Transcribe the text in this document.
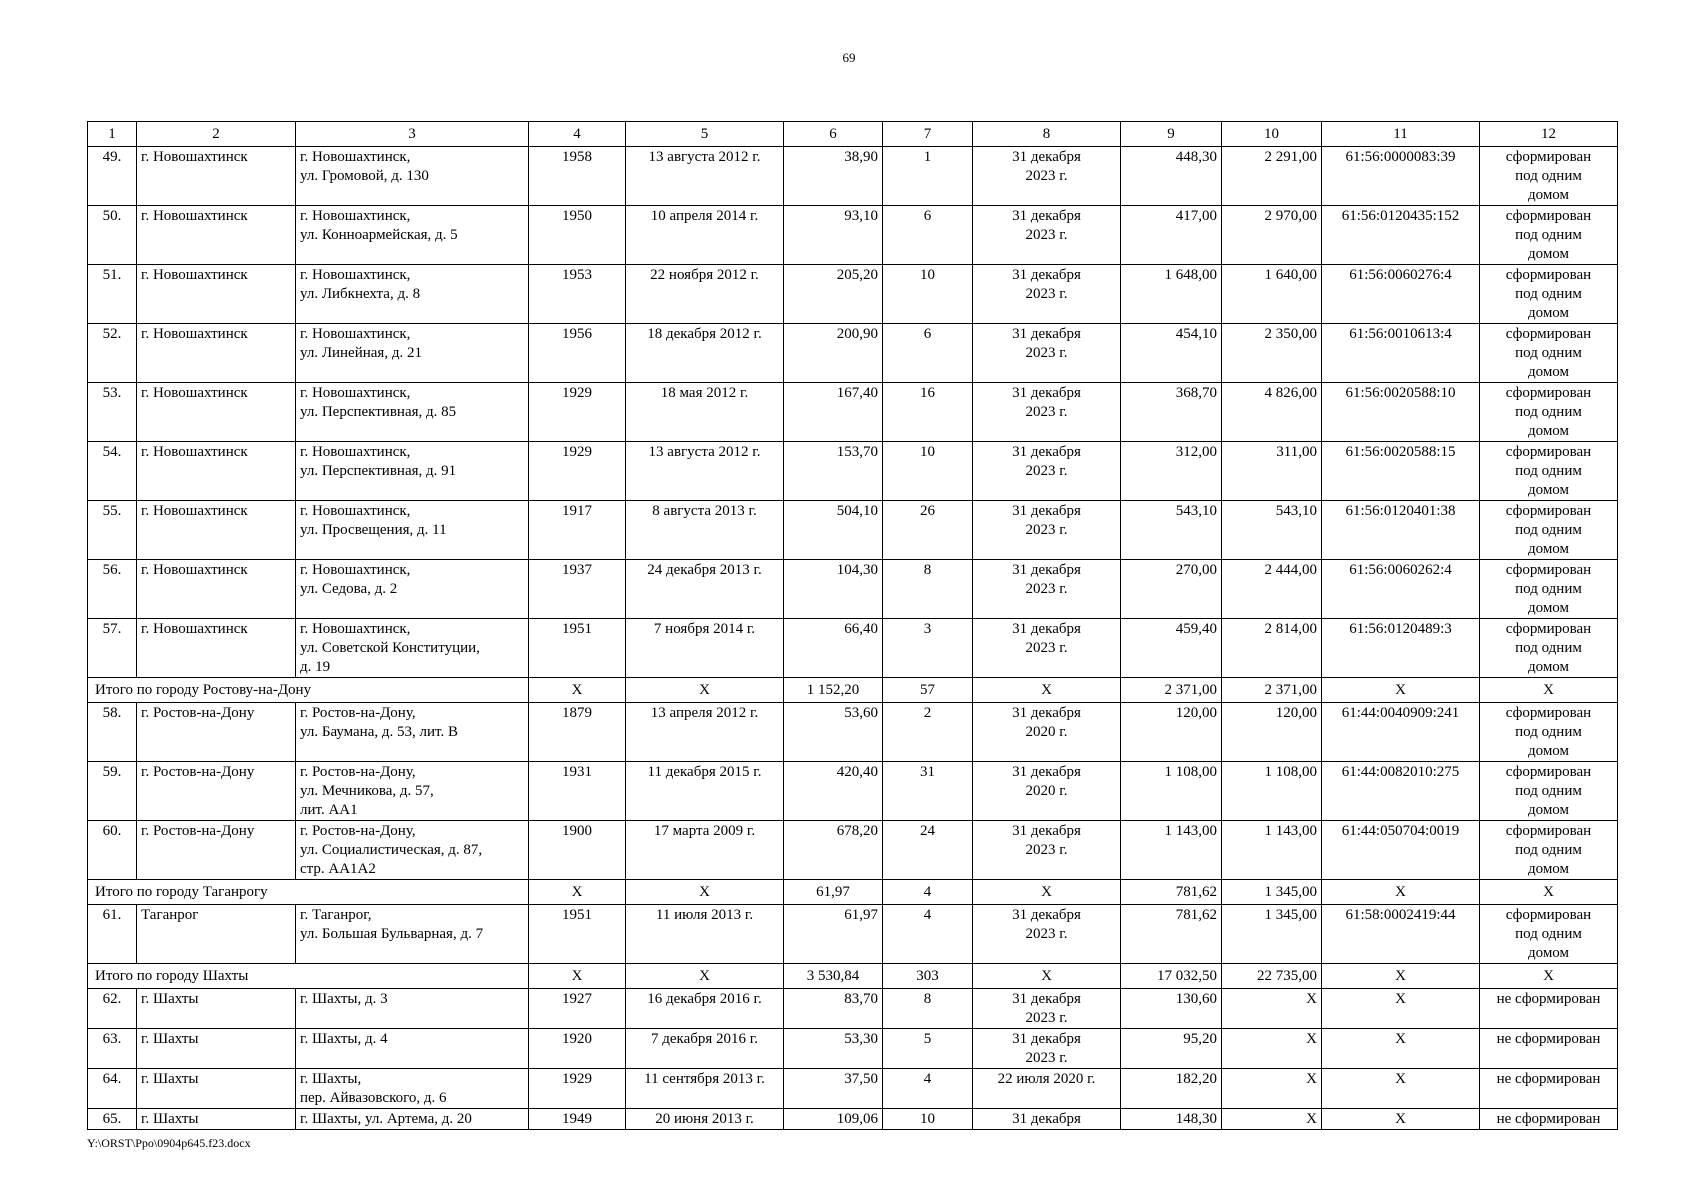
69
1	2	3	4	5	6	7	8	9	10	11	12
49.	г. Новошахтинск	г. Новошахтинск,
ул. Громовой, д. 130	1958	13 августа 2012 г.	38,90	1	31 декабря
2023 г.	448,30	2 291,00	61:56:0000083:39	сформирован
под одним
домом

50.	г. Новошахтинск	г. Новошахтинск,
ул. Конноармейская, д. 5	1950	10 апреля 2014 г.	93,10	6	31 декабря
2023 г.	417,00	2 970,00	61:56:0120435:152	сформирован
под одним
домом

51.	г. Новошахтинск	г. Новошахтинск,
ул. Либкнехта, д. 8	1953	22 ноября 2012 г.	205,20	10	31 декабря
2023 г.	1 648,00	1 640,00	61:56:0060276:4	сформирован
под одним
домом

52.	г. Новошахтинск	г. Новошахтинск,
ул. Линейная, д. 21	1956	18 декабря 2012 г.	200,90	6	31 декабря
2023 г.	454,10	2 350,00	61:56:0010613:4	сформирован
под одним
домом

53.	г. Новошахтинск	г. Новошахтинск,
ул. Перспективная, д. 85	1929	18 мая 2012 г.	167,40	16	31 декабря
2023 г.	368,70	4 826,00	61:56:0020588:10	сформирован
под одним
домом

54.	г. Новошахтинск	г. Новошахтинск,
ул. Перспективная, д. 91	1929	13 августа 2012 г.	153,70	10	31 декабря
2023 г.	312,00	311,00	61:56:0020588:15	сформирован
под одним
домом

55.	г. Новошахтинск	г. Новошахтинск,
ул. Просвещения, д. 11	1917	8 августа 2013 г.	504,10	26	31 декабря
2023 г.	543,10	543,10	61:56:0120401:38	сформирован
под одним
домом

56.	г. Новошахтинск	г. Новошахтинск,
ул. Седова, д. 2	1937	24 декабря 2013 г.	104,30	8	31 декабря
2023 г.	270,00	2 444,00	61:56:0060262:4	сформирован
под одним
домом

57.	г. Новошахтинск	г. Новошахтинск,
ул. Советской Конституции,
д. 19	1951	7 ноября 2014 г.	66,40	3	31 декабря
2023 г.	459,40	2 814,00	61:56:0120489:3	сформирован
под одним
домом

Итого по городу Ростову-на-Дону			Х	Х	1 152,20	57	Х	2 371,00	2 371,00	Х	Х
58.	г. Ростов-на-Дону	г. Ростов-на-Дону,
ул. Баумана, д. 53, лит. В	1879	13 апреля 2012 г.	53,60	2	31 декабря
2020 г.	120,00	120,00	61:44:0040909:241	сформирован
под одним
домом

59.	г. Ростов-на-Дону	г. Ростов-на-Дону,
ул. Мечникова, д. 57,
лит. АА1	1931	11 декабря 2015 г.	420,40	31	31 декабря
2020 г.	1 108,00	1 108,00	61:44:0082010:275	сформирован
под одним
домом

60.	г. Ростов-на-Дону	г. Ростов-на-Дону,
ул. Социалистическая, д. 87,
стр. АА1А2	1900	17 марта 2009 г.	678,20	24	31 декабря
2023 г.	1 143,00	1 143,00	61:44:050704:0019	сформирован
под одним
домом

Итого по городу Таганрогу			Х	Х	61,97	4	Х	781,62	1 345,00	Х	Х
61.	Таганрог	г. Таганрог,
ул. Большая Бульварная, д. 7	1951	11 июля 2013 г.	61,97	4	31 декабря
2023 г.	781,62	1 345,00	61:58:0002419:44	сформирован
под одним
домом

Итого по городу Шахты			Х	Х	3 530,84	303	Х	17 032,50	22 735,00	Х	Х
62.	г. Шахты	г. Шахты, д. 3	1927	16 декабря 2016 г.	83,70	8	31 декабря
2023 г.	130,60	Х	Х	не сформирован

63.	г. Шахты	г. Шахты, д. 4	1920	7 декабря 2016 г.	53,30	5	31 декабря
2023 г.	95,20	Х	Х	не сформирован

64.	г. Шахты	г. Шахты,
пер. Айвазовского, д. 6	1929	11 сентября 2013 г.	37,50	4	22 июля 2020 г.	182,20	Х	Х	не сформирован

65.	г. Шахты	г. Шахты, ул. Артема, д. 20	1949	20 июня 2013 г.	109,06	10	31 декабря	148,30	Х	Х	не сформирован
Y:\ORST\Ppo\0904p645.f23.docx
